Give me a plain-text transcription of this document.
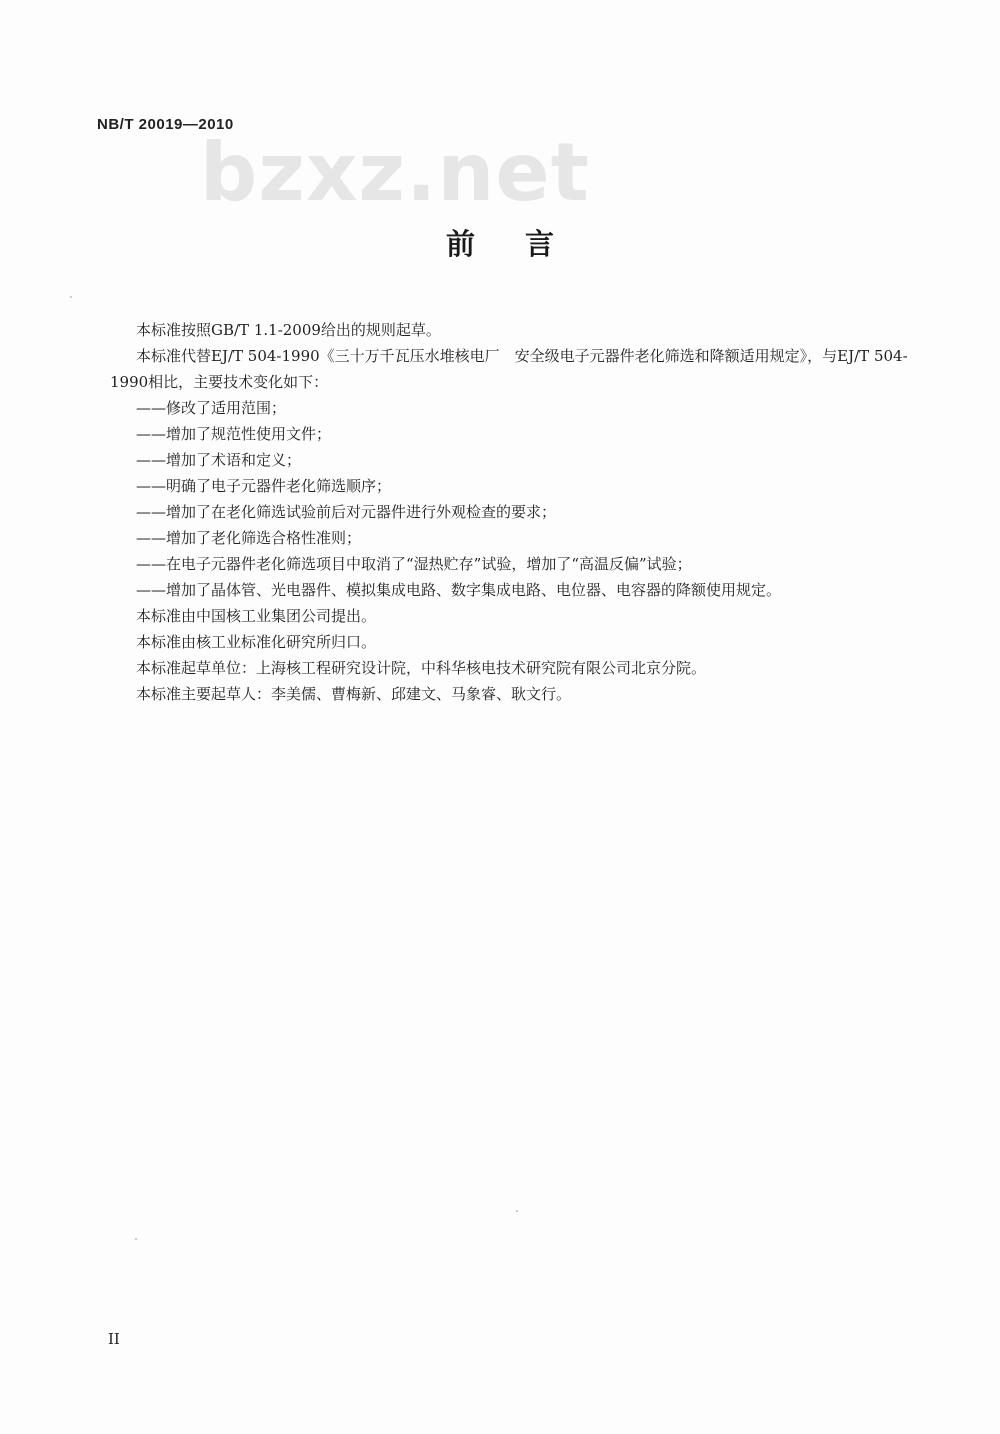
NB/T 20019—2010
bzxz.net
前言

本标准按照GB/T 1.1-2009给出的规则起草。

本标准代替EJ/T 504-1990《三十万千瓦压水堆核电厂　安全级电子元器件老化筛选和降额适用规定》，与EJ/T 504-1990相比，主要技术变化如下：

——修改了适用范围；

——增加了规范性使用文件；

——增加了术语和定义；

——明确了电子元器件老化筛选顺序；

——增加了在老化筛选试验前后对元器件进行外观检查的要求；

——增加了老化筛选合格性准则；

——在电子元器件老化筛选项目中取消了“湿热贮存”试验，增加了“高温反偏”试验；

——增加了晶体管、光电器件、模拟集成电路、数字集成电路、电位器、电容器的降额使用规定。

本标准由中国核工业集团公司提出。

本标准由核工业标准化研究所归口。

本标准起草单位：上海核工程研究设计院，中科华核电技术研究院有限公司北京分院。

本标准主要起草人：李美儒、曹梅新、邱建文、马象睿、耿文行。

II
